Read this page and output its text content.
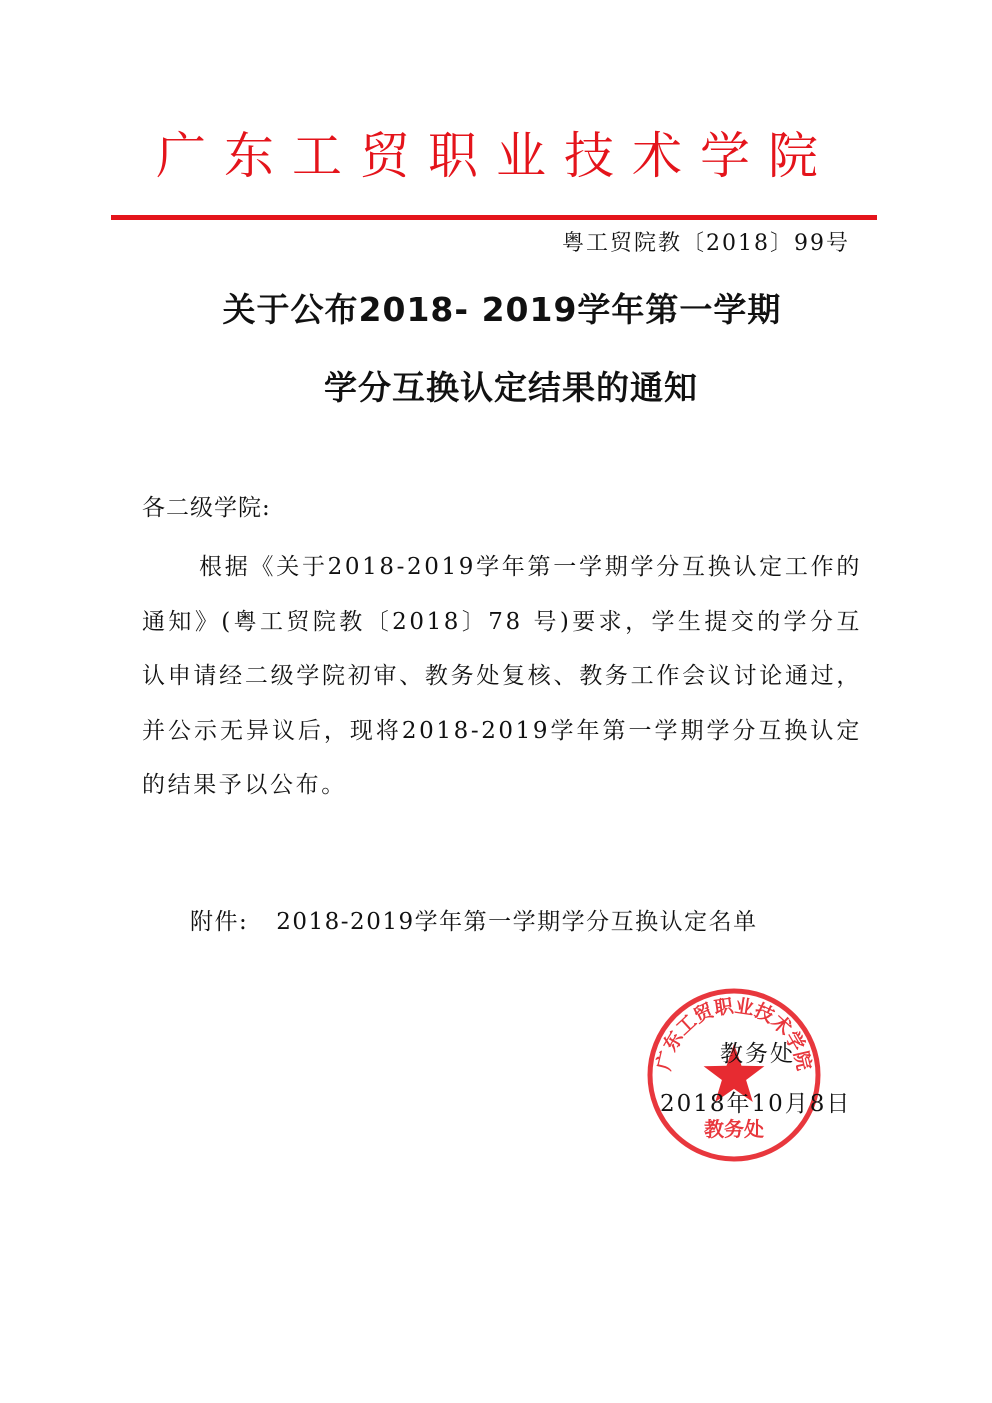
广东工贸职业技术学院
粤工贸院教〔2018〕99号
关于公布2018- 2019学年第一学期
学分互换认定结果的通知
各二级学院:
根据《关于2018-2019学年第一学期学分互换认定工作的通知》(粤工贸院教〔2018〕78 号)要求，学生提交的学分互认申请经二级学院初审、教务处复核、教务工作会议讨论通过，并公示无异议后，现将2018-2019学年第一学期学分互换认定的结果予以公布。
附件: 2018-2019学年第一学期学分互换认定名单
广东工贸职业技术学院
教务处
教务处
2018年10月8日
